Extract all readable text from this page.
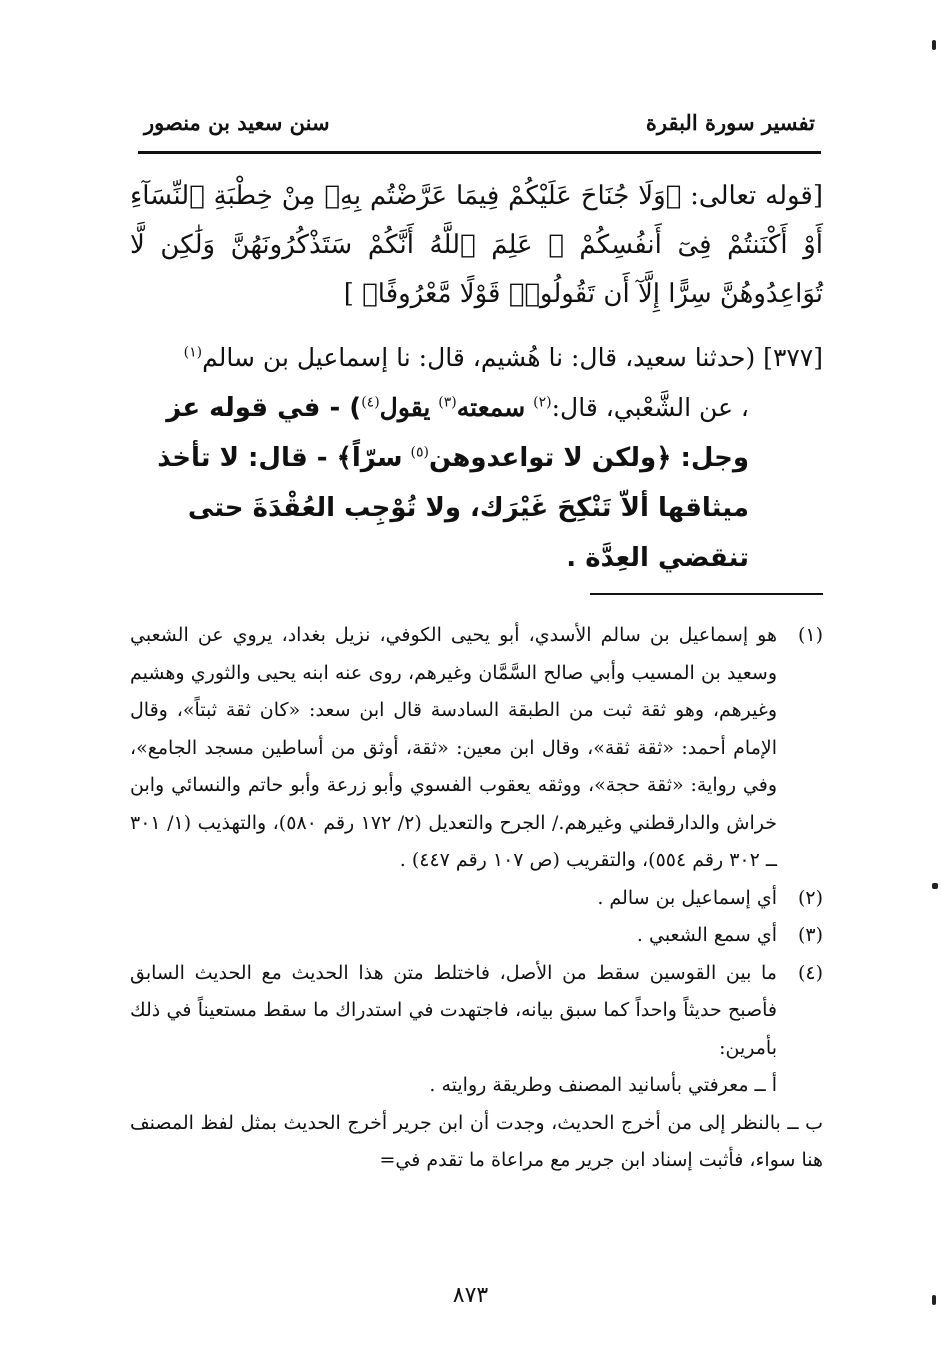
تفسير سورة البقرة
سنن سعيد بن منصور
[قوله تعالى: ﴿وَلَا جُنَاحَ عَلَيْكُمْ فِيمَا عَرَّضْتُم بِهِۦ مِنْ خِطْبَةِ ٱلنِّسَآءِ أَوْ أَكْنَنتُمْ فِىٓ أَنفُسِكُمْ ۚ عَلِمَ ٱللَّهُ أَنَّكُمْ سَتَذْكُرُونَهُنَّ وَلَٰكِن لَّا تُوَاعِدُوهُنَّ سِرًّا إِلَّآ أَن تَقُولُوا۟ قَوْلًا مَّعْرُوفًا﴾ ]
[٣٧٧] (حدثنا سعيد، قال: نا هُشيم، قال: نا إسماعيل بن سالم$^{(١)}$
، عن الشَّعْبي، قال:$^{(٢)}$ سمعته$^{(٣)}$ يقول$^{(٤)}$) - في قوله عز وجل: ﴿ولكن لا تواعدوهن$^{(٥)}$ سرّاً﴾ - قال: لا تأخذ ميثاقها ألاّ تَنْكِحَ غَيْرَك، ولا تُوْجِب العُقْدَةَ حتى تنقضي العِدَّة .

(١)
هو إسماعيل بن سالم الأسدي، أبو يحيى الكوفي، نزيل بغداد، يروي عن الشعبي وسعيد بن المسيب وأبي صالح السَّمَّان وغيرهم، روى عنه ابنه يحيى والثوري وهشيم وغيرهم، وهو ثقة ثبت من الطبقة السادسة قال ابن سعد: «كان ثقة ثبتاً»، وقال الإمام أحمد: «ثقة ثقة»، وقال ابن معين: «ثقة، أوثق من أساطين مسجد الجامع»، وفي رواية: «ثقة حجة»، ووثقه يعقوب الفسوي وأبو زرعة وأبو حاتم والنسائي وابن خراش والدارقطني وغيرهم./ الجرح والتعديل (٢/ ١٧٢ رقم ٥٨٠)، والتهذيب (١/ ٣٠١ ــ ٣٠٢ رقم ٥٥٤)، والتقريب (ص ١٠٧ رقم ٤٤٧) .

(٢)
أي إسماعيل بن سالم .

(٣)
أي سمع الشعبي .

(٤)
ما بين القوسين سقط من الأصل، فاختلط متن هذا الحديث مع الحديث السابق فأصبح حديثاً واحداً كما سبق بيانه، فاجتهدت في استدراك ما سقط مستعيناً في ذلك بأمرين:
أ ــ معرفتي بأسانيد المصنف وطريقة روايته .

ب ــ بالنظر إلى من أخرج الحديث، وجدت أن ابن جرير أخرج الحديث بمثل لفظ المصنف هنا سواء، فأثبت إسناد ابن جرير مع مراعاة ما تقدم في=

٨٧٣
